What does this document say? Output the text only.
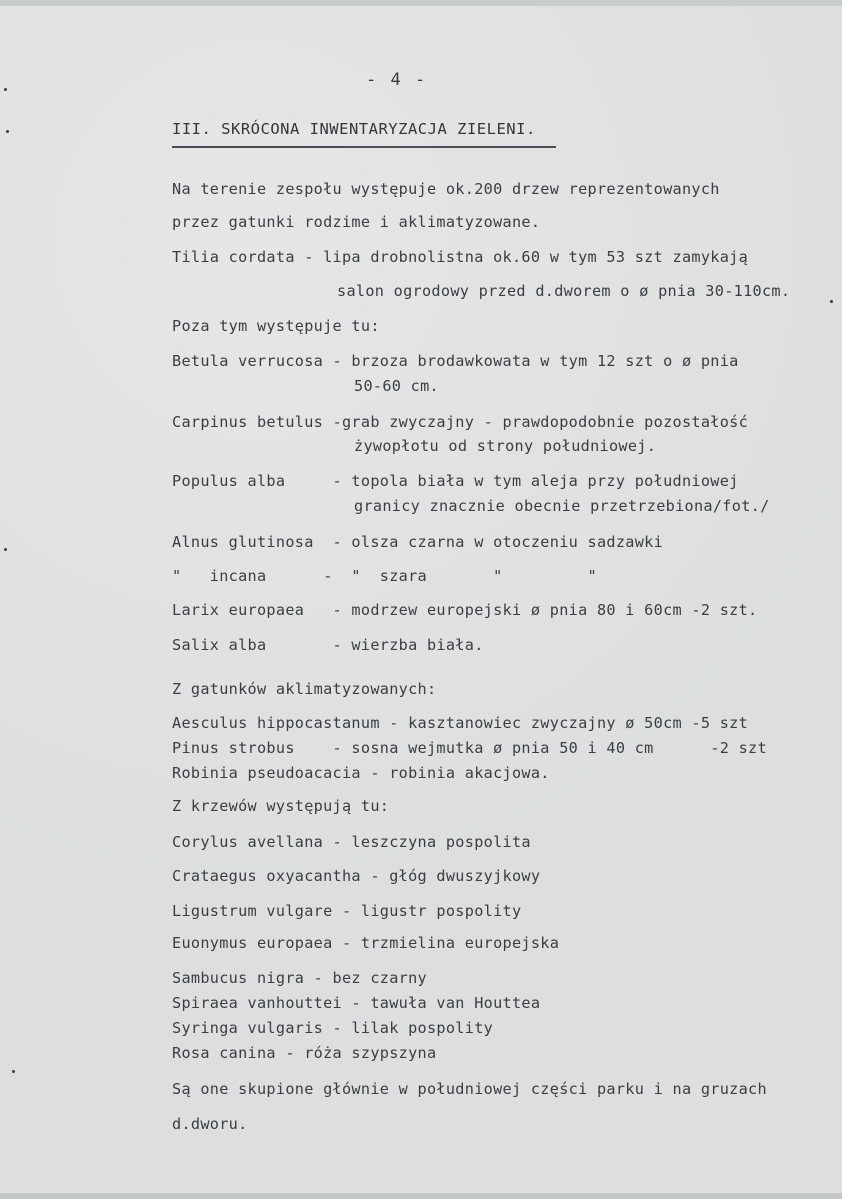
- 4 -
III. SKRÓCONA INWENTARYZACJA ZIELENI.
Na terenie zespołu występuje ok.200 drzew reprezentowanych
przez gatunki rodzime i aklimatyzowane.
Tilia cordata - lipa drobnolistna ok.60 w tym 53 szt zamykają
salon ogrodowy przed d.dworem o ø pnia 30-110cm.
Poza tym występuje tu:
Betula verrucosa - brzoza brodawkowata w tym 12 szt o ø pnia
50-60 cm.
Carpinus betulus -grab zwyczajny - prawdopodobnie pozostałość
żywopłotu od strony południowej.
Populus alba     - topola biała w tym aleja przy południowej
granicy znacznie obecnie przetrzebiona/fot./
Alnus glutinosa  - olsza czarna w otoczeniu sadzawki
"   incana      -  "  szara       "         "
Larix europaea   - modrzew europejski ø pnia 80 i 60cm -2 szt.
Salix alba       - wierzba biała.
Z gatunków aklimatyzowanych:
Aesculus hippocastanum - kasztanowiec zwyczajny ø 50cm -5 szt
Pinus strobus    - sosna wejmutka ø pnia 50 i 40 cm      -2 szt
Robinia pseudoacacia - robinia akacjowa.
Z krzewów występują tu:
Corylus avellana - leszczyna pospolita
Crataegus oxyacantha - głóg dwuszyjkowy
Ligustrum vulgare - ligustr pospolity
Euonymus europaea - trzmielina europejska
Sambucus nigra - bez czarny
Spiraea vanhouttei - tawuła van Houttea
Syringa vulgaris - lilak pospolity
Rosa canina - róża szypszyna
Są one skupione głównie w południowej części parku i na gruzach
d.dworu.
